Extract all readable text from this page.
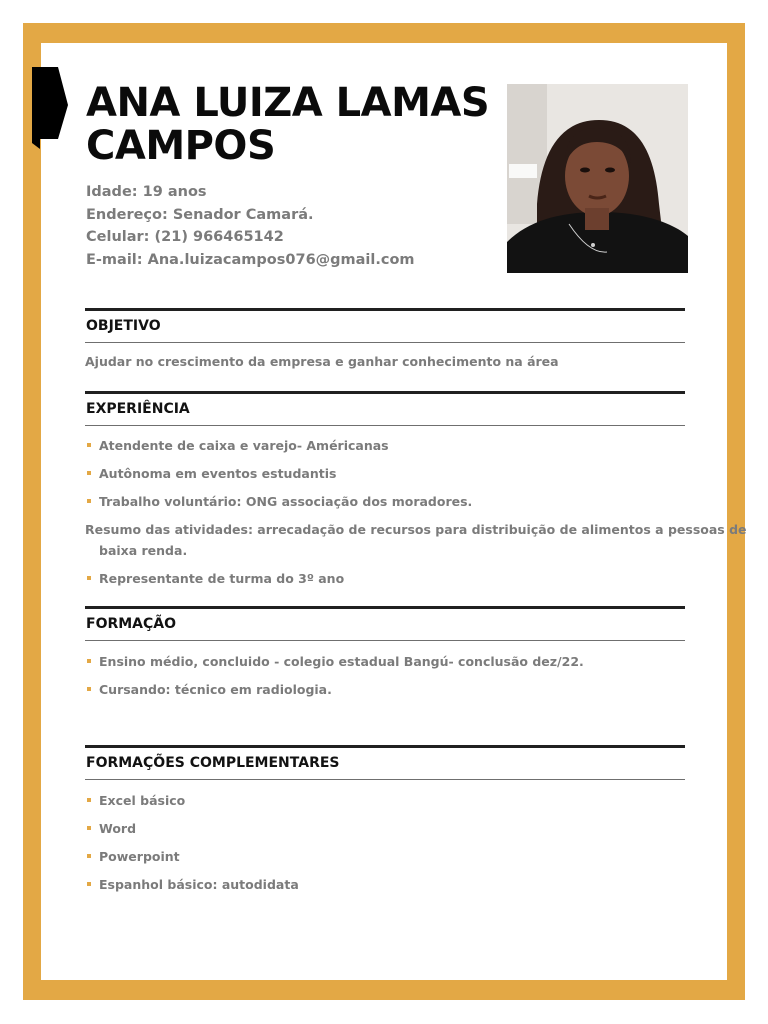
ANA LUIZA LAMAS
CAMPOS
Idade: 19 anos
Endereço: Senador Camará.
Celular: (21) 966465142
E-mail: Ana.luizacampos076@gmail.com
OBJETIVO
Ajudar no crescimento da empresa e ganhar conhecimento na área
EXPERIÊNCIA
Atendente de caixa e varejo- Américanas
Autônoma em eventos estudantis
Trabalho voluntário: ONG associação dos moradores.
Resumo das atividades: arrecadação de recursos para distribuição de alimentos a pessoas de
baixa renda.
Representante de turma do 3º ano
FORMAÇÃO
Ensino médio, concluido - colegio estadual Bangú- conclusão dez/22.
Cursando: técnico em radiologia.
FORMAÇÕES COMPLEMENTARES
Excel básico
Word
Powerpoint
Espanhol básico: autodidata
